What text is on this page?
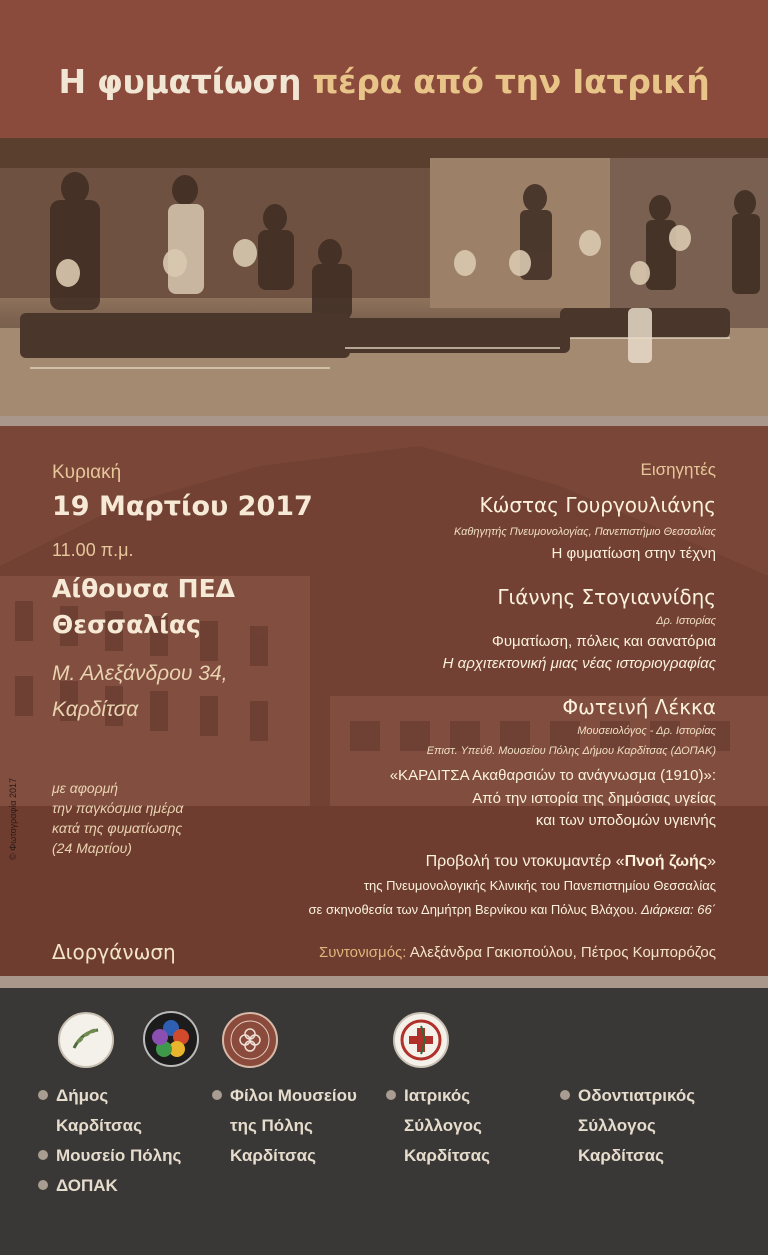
Η φυματίωση πέρα από την Ιατρική
Κυριακή
19 Μαρτίου 2017
11.00 π.μ.
Αίθουσα ΠΕΔ
Θεσσαλίας
Μ. Αλεξάνδρου 34,
Καρδίτσα
με αφορμή
την παγκόσμια ημέρα
κατά της φυματίωσης
(24 Μαρτίου)
© Φωτογραφία 2017
Εισηγητές
Κώστας Γουργουλιάνης
Καθηγητής Πνευμονολογίας, Πανεπιστήμιο Θεσσαλίας
Η φυματίωση στην τέχνη
Γιάννης Στογιαννίδης
Δρ. Ιστορίας
Φυματίωση, πόλεις και σανατόρια
Η αρχιτεκτονική μιας νέας ιστοριογραφίας
Φωτεινή Λέκκα
Μουσειολόγος - Δρ. Ιστορίας
Επιστ. Υπεύθ. Μουσείου Πόλης Δήμου Καρδίτσας (ΔΟΠΑΚ)
«ΚΑΡΔΙΤΣΑ Ακαθαρσιών το ανάγνωσμα (1910)»:
Από την ιστορία της δημόσιας υγείας
και των υποδομών υγιεινής
Προβολή του ντοκυμαντέρ «Πνοή ζωής»
της Πνευμονολογικής Κλινικής του Πανεπιστημίου Θεσσαλίας
σε σκηνοθεσία των Δημήτρη Βερνίκου και Πόλυς Βλάχου. Διάρκεια: 66΄
Διοργάνωση	Συντονισμός: Αλεξάνδρα Γακιοπούλου, Πέτρος Κομπορόζος
Δήμος
Καρδίτσας
Μουσείο Πόλης
ΔΟΠΑΚ
Φίλοι Μουσείου
της Πόλης
Καρδίτσας
Ιατρικός
Σύλλογος
Καρδίτσας
Οδοντιατρικός
Σύλλογος
Καρδίτσας
